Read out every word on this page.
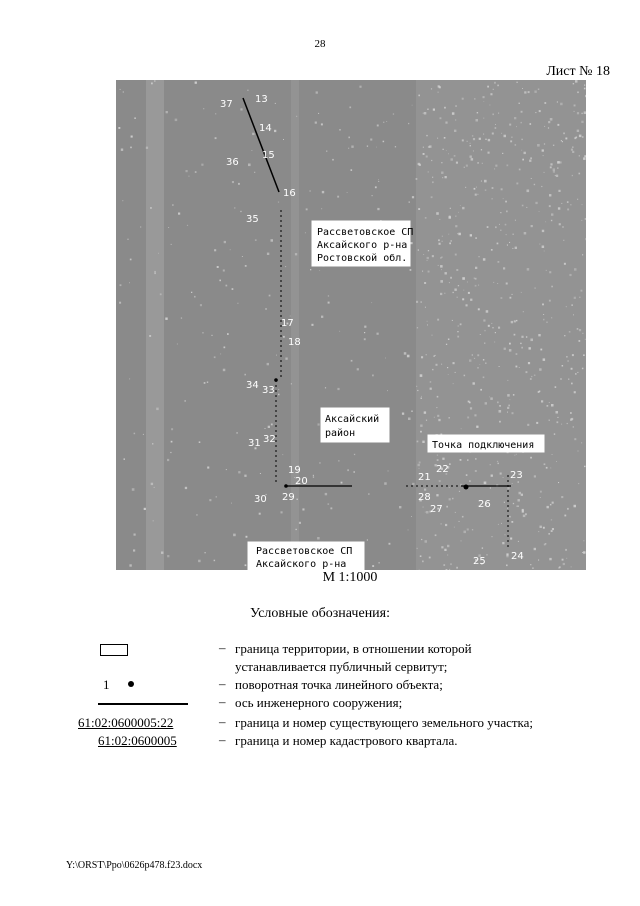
28
Лист № 18
13
37
14
15
36
16
35
17
18
34 33
31 32
19
20
30 29
21
22
23
28
27	26
25	24
Рассветовское СП
Аксайского р-на
Ростовской обл.
Аксайский
район
Точка подключения
Рассветовское СП
Аксайского р-на
М 1:1000
Условные обозначения:
– граница территории, в отношении которой
устанавливается публичный сервитут;
1	– поворотная точка линейного объекта;
– ось инженерного сооружения;
61:02:0600005:22	– граница и номер существующего земельного участка;
61:02:0600005	– граница и номер кадастрового квартала.
Y:\ORST\Ppo\0626p478.f23.docx
